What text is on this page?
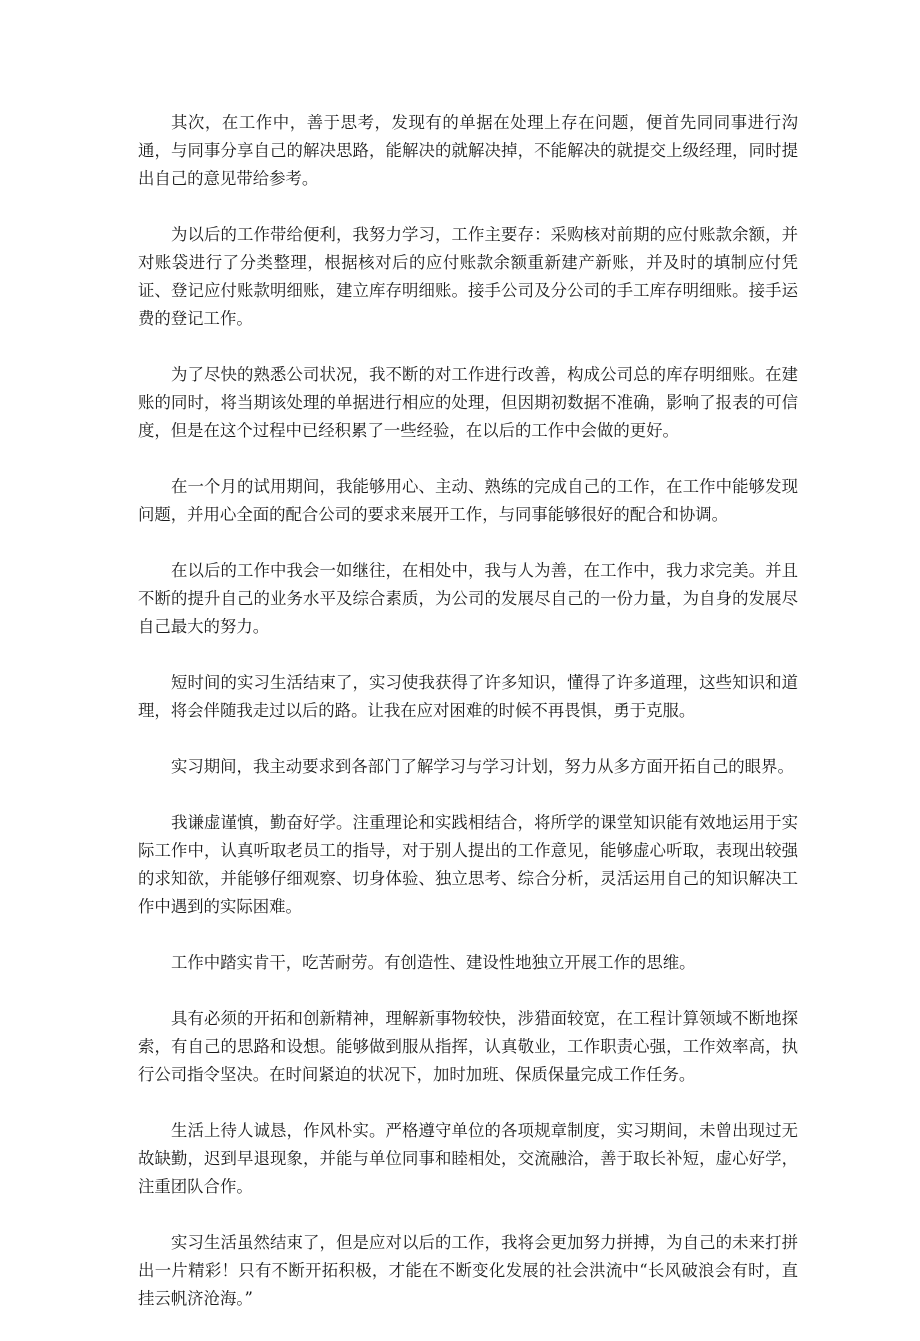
其次，在工作中，善于思考，发现有的单据在处理上存在问题，便首先同同事进行沟通，与同事分享自己的解决思路，能解决的就解决掉，不能解决的就提交上级经理，同时提出自己的意见带给参考。

为以后的工作带给便利，我努力学习，工作主要存：采购核对前期的应付账款余额，并对账袋进行了分类整理，根据核对后的应付账款余额重新建产新账，并及时的填制应付凭证、登记应付账款明细账，建立库存明细账。接手公司及分公司的手工库存明细账。接手运费的登记工作。

为了尽快的熟悉公司状况，我不断的对工作进行改善，构成公司总的库存明细账。在建账的同时，将当期该处理的单据进行相应的处理，但因期初数据不准确，影响了报表的可信度，但是在这个过程中已经积累了一些经验，在以后的工作中会做的更好。

在一个月的试用期间，我能够用心、主动、熟练的完成自己的工作，在工作中能够发现问题，并用心全面的配合公司的要求来展开工作，与同事能够很好的配合和协调。

在以后的工作中我会一如继往，在相处中，我与人为善，在工作中，我力求完美。并且不断的提升自己的业务水平及综合素质，为公司的发展尽自己的一份力量，为自身的发展尽自己最大的努力。

短时间的实习生活结束了，实习使我获得了许多知识，懂得了许多道理，这些知识和道理，将会伴随我走过以后的路。让我在应对困难的时候不再畏惧，勇于克服。

实习期间，我主动要求到各部门了解学习与学习计划，努力从多方面开拓自己的眼界。

我谦虚谨慎，勤奋好学。注重理论和实践相结合，将所学的课堂知识能有效地运用于实际工作中，认真听取老员工的指导，对于别人提出的工作意见，能够虚心听取，表现出较强的求知欲，并能够仔细观察、切身体验、独立思考、综合分析，灵活运用自己的知识解决工作中遇到的实际困难。

工作中踏实肯干，吃苦耐劳。有创造性、建设性地独立开展工作的思维。

具有必须的开拓和创新精神，理解新事物较快，涉猎面较宽，在工程计算领域不断地探索，有自己的思路和设想。能够做到服从指挥，认真敬业，工作职责心强，工作效率高，执行公司指令坚决。在时间紧迫的状况下，加时加班、保质保量完成工作任务。

生活上待人诚恳，作风朴实。严格遵守单位的各项规章制度，实习期间，未曾出现过无故缺勤，迟到早退现象，并能与单位同事和睦相处，交流融洽，善于取长补短，虚心好学，注重团队合作。

实习生活虽然结束了，但是应对以后的工作，我将会更加努力拼搏，为自己的未来打拼出一片精彩！只有不断开拓积极，才能在不断变化发展的社会洪流中“长风破浪会有时，直挂云帆济沧海。”
